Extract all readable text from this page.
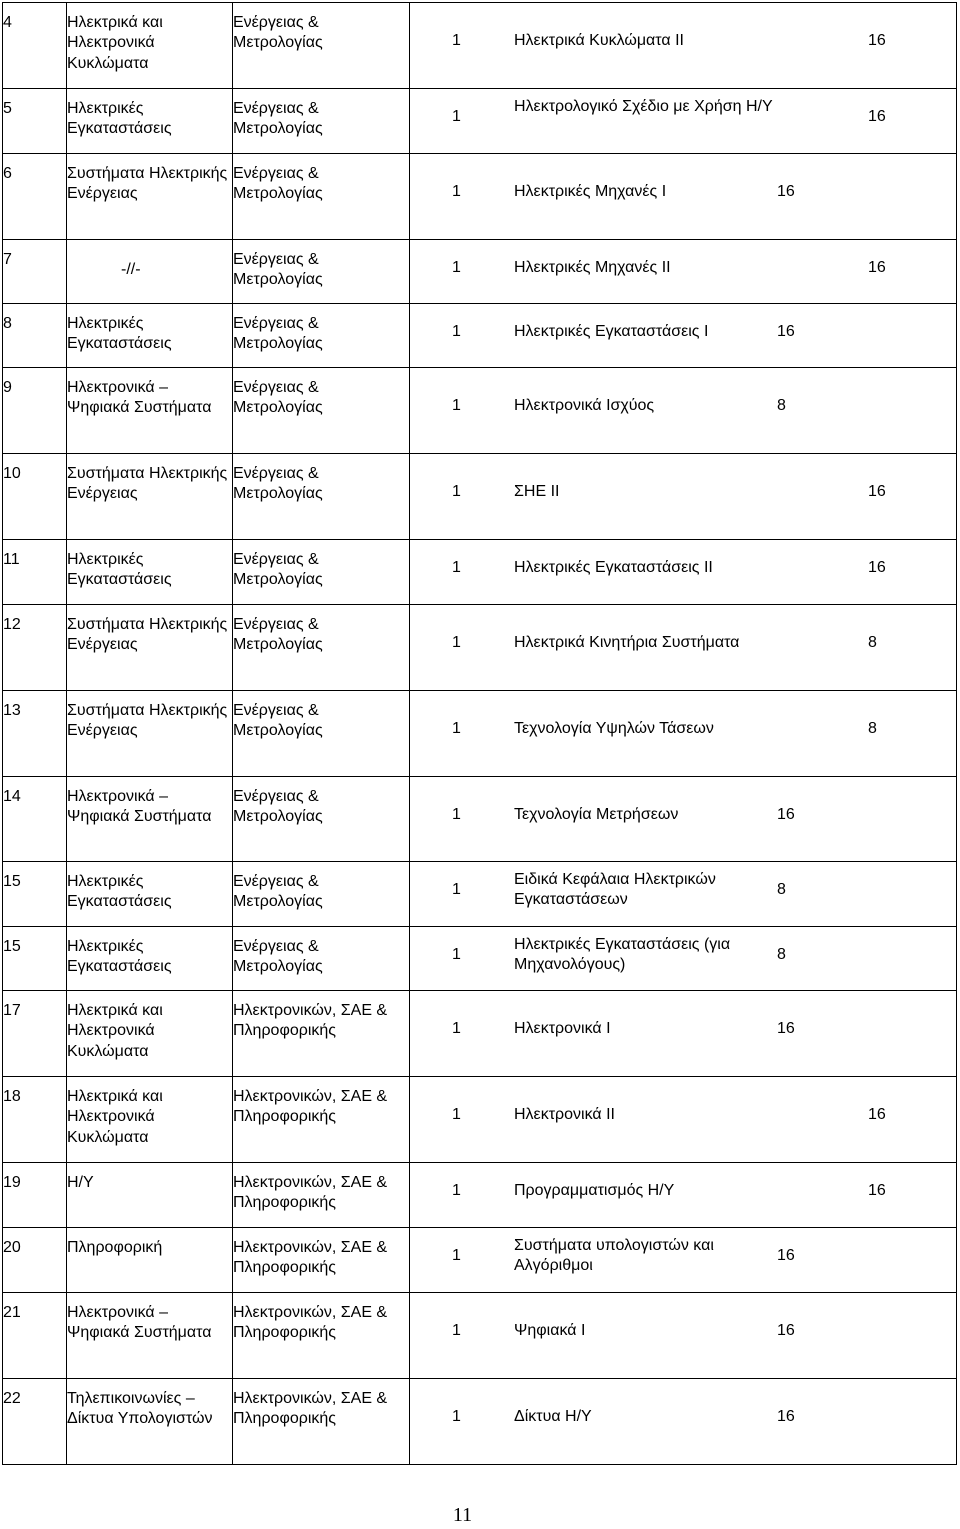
4	Ηλεκτρικά και Ηλεκτρονικά Κυκλώματα	Ενέργειας & Μετρολογίας	1 Ηλεκτρικά Κυκλώματα ΙΙ 16

5	Ηλεκτρικές Εγκαταστάσεις	Ενέργειας & Μετρολογίας	1
Ηλεκτρολογικό Σχέδιο με Χρήση Η/Υ
16

6	Συστήματα Ηλεκτρικής Ενέργειας	Ενέργειας & Μετρολογίας	1 Ηλεκτρικές Μηχανές Ι 16

7	-//-	Ενέργειας & Μετρολογίας	1 Ηλεκτρικές Μηχανές ΙΙ 16

8	Ηλεκτρικές Εγκαταστάσεις	Ενέργειας & Μετρολογίας	1 Ηλεκτρικές Εγκαταστάσεις Ι 16

9	Ηλεκτρονικά – Ψηφιακά Συστήματα	Ενέργειας & Μετρολογίας	1 Ηλεκτρονικά Ισχύος 8

10	Συστήματα Ηλεκτρικής Ενέργειας	Ενέργειας & Μετρολογίας	1 ΣΗΕ ΙΙ 16

11	Ηλεκτρικές Εγκαταστάσεις	Ενέργειας & Μετρολογίας	1 Ηλεκτρικές Εγκαταστάσεις ΙΙ 16

12	Συστήματα Ηλεκτρικής Ενέργειας	Ενέργειας & Μετρολογίας	1 Ηλεκτρικά Κινητήρια Συστήματα 8

13	Συστήματα Ηλεκτρικής Ενέργειας	Ενέργειας & Μετρολογίας	1 Τεχνολογία Υψηλών Τάσεων 8

14	Ηλεκτρονικά – Ψηφιακά Συστήματα	Ενέργειας & Μετρολογίας	1 Τεχνολογία Μετρήσεων 16

15	Ηλεκτρικές Εγκαταστάσεις	Ενέργειας & Μετρολογίας	1
Ειδικά Κεφάλαια Ηλεκτρικών Εγκαταστάσεων
8

15	Ηλεκτρικές Εγκαταστάσεις	Ενέργειας & Μετρολογίας	1
Ηλεκτρικές Εγκαταστάσεις (για Μηχανολόγους)
8

17	Ηλεκτρικά και Ηλεκτρονικά Κυκλώματα	Ηλεκτρονικών, ΣΑΕ & Πληροφορικής	1 Ηλεκτρονικά Ι 16

18	Ηλεκτρικά και Ηλεκτρονικά Κυκλώματα	Ηλεκτρονικών, ΣΑΕ & Πληροφορικής	1 Ηλεκτρονικά ΙΙ 16

19	Η/Υ	Ηλεκτρονικών, ΣΑΕ & Πληροφορικής	1 Προγραμματισμός Η/Υ 16

20	Πληροφορική	Ηλεκτρονικών, ΣΑΕ & Πληροφορικής	1
Συστήματα υπολογιστών και Αλγόριθμοι
16

21	Ηλεκτρονικά – Ψηφιακά Συστήματα	Ηλεκτρονικών, ΣΑΕ & Πληροφορικής	1 Ψηφιακά Ι 16

22	Τηλεπικοινωνίες – Δίκτυα Υπολογιστών	Ηλεκτρονικών, ΣΑΕ & Πληροφορικής	1 Δίκτυα Η/Υ 16
11
